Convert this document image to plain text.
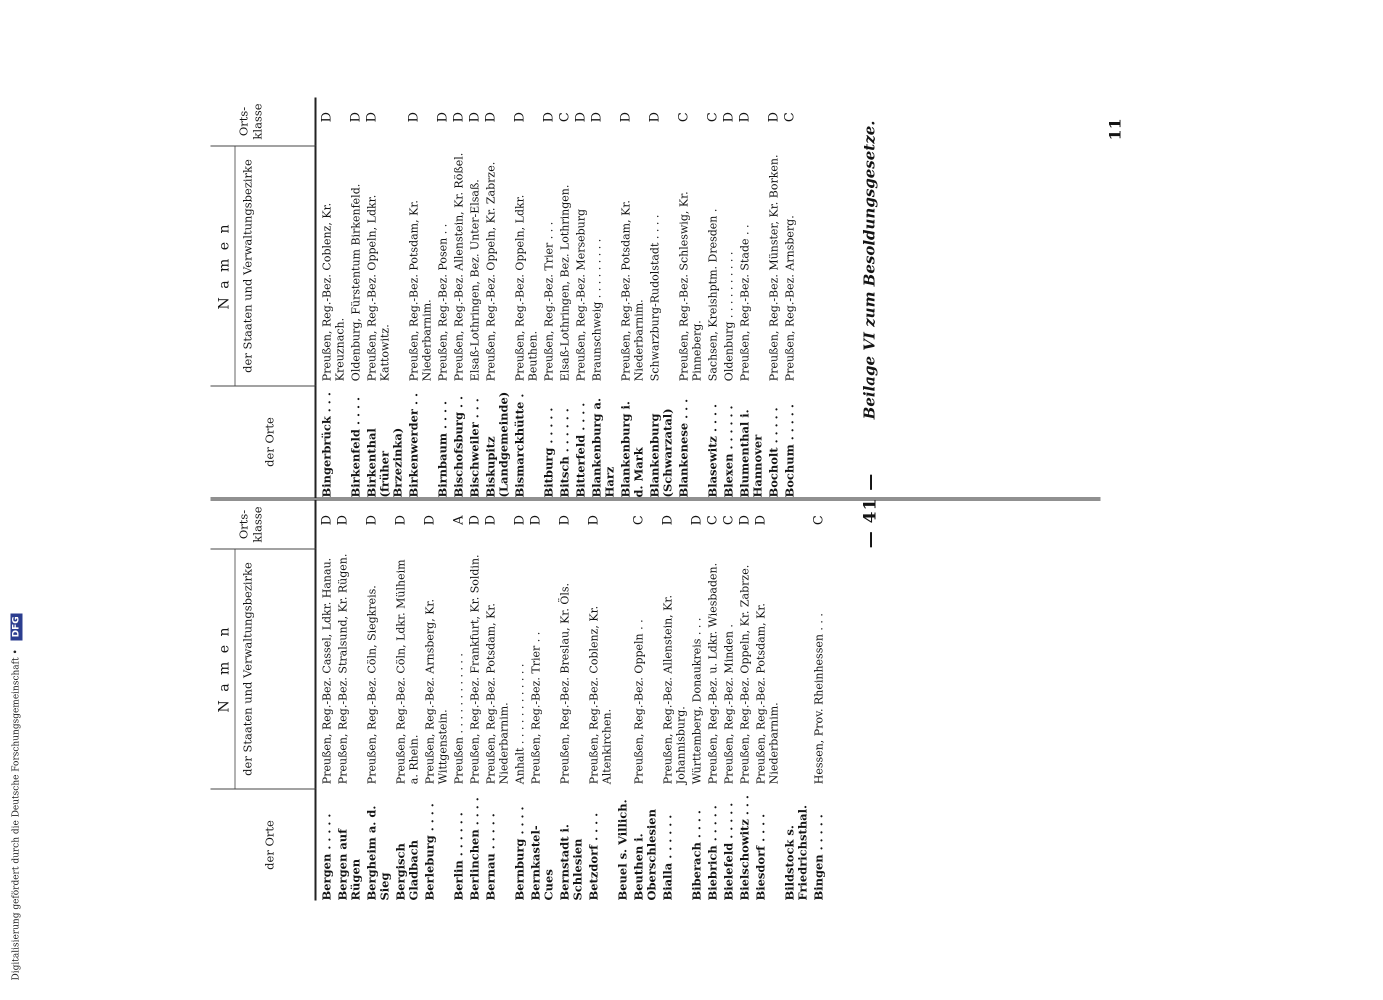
— 41 —
Beilage VI zum Besoldungsgesetze.
der Orte
N a m e n der Staaten und Verwaltungsbezirke
Orts-klasse
Bergen . . . . .
Preußen, Reg.-Bez. Cassel, Ldkr. Hanau.
D
Bergen auf Rügen
Preußen, Reg.-Bez. Stralsund, Kr. Rügen.
D
Bergheim a. d. Sieg
Preußen, Reg.-Bez. Cöln, Siegkreis.
D
Bergisch Gladbach
Preußen, Reg.-Bez. Cöln, Ldkr. Mülheim a. Rhein.
D
Berleburg . . . .
Preußen, Reg.-Bez. Arnsberg, Kr. Wittgenstein.
D
Berlin . . . . . .
Preußen . . . . . . . . . . . .
A
Berlinchen . . . .
Preußen, Reg.-Bez. Frankfurt, Kr. Soldin.
D
Bernau . . . . .
Preußen, Reg.-Bez. Potsdam, Kr. Niederbarnim.
D
Bernburg . . . .
Anhalt . . . . . . . . . . . .
D
Bernkastel-Cues
Preußen, Reg.-Bez. Trier . .
D
Bernstadt i. Schlesien
Preußen, Reg.-Bez. Breslau, Kr. Öls.
D
Betzdorf . . . .
Preußen, Reg.-Bez. Coblenz, Kr. Altenkirchen.
D
Beuel s. Villich. Beuthen i. Oberschlesien
Preußen, Reg.-Bez. Oppeln . .
C
Bialla . . . . . .
Preußen, Reg.-Bez. Allenstein, Kr. Johannisburg.
D
Biberach . . . .
Württemberg, Donaukreis . . .
D
Biebrich . . . . .
Preußen, Reg.-Bez. u. Ldkr. Wiesbaden.
C
Bielefeld . . . . .
Preußen, Reg.-Bez. Minden .
C
Bielschowitz . . .
Preußen, Reg.-Bez. Oppeln, Kr. Zabrze.
D
Biesdorf . . . .
Preußen, Reg.-Bez. Potsdam, Kr. Niederbarnim.
D
Bildstock s. Friedrichsthal. Bingen . . . . .
Hessen, Prov. Rheinhessen . . .
C
der Orte
N a m e n der Staaten und Verwaltungsbezirke
Orts-klasse
Bingerbrück . . .
Preußen, Reg.-Bez. Coblenz, Kr. Kreuznach.
D
Birkenfeld . . . .
Oldenburg, Fürstentum Birkenfeld.
D
Birkenthal (früher Brzezinka)
Preußen, Reg.-Bez. Oppeln, Ldkr. Kattowitz.
D
Birkenwerder . .
Preußen, Reg.-Bez. Potsdam, Kr. Niederbarnim.
D
Birnbaum . . . .
Preußen, Reg.-Bez. Posen . .
D
Bischofsburg . .
Preußen, Reg.-Bez. Allenstein, Kr. Rößel.
D
Bischweiler . . .
Elsaß-Lothringen, Bez. Unter-Elsaß.
D
Biskupitz (Landgemeinde)
Preußen, Reg.-Bez. Oppeln, Kr. Zabrze.
D
Bismarckhütte .
Preußen, Reg.-Bez. Oppeln, Ldkr. Beuthen.
D
Bitburg . . . . .
Preußen, Reg.-Bez. Trier . . .
D
Bitsch . . . . . .
Elsaß-Lothringen, Bez. Lothringen.
C
Bitterfeld . . . .
Preußen, Reg.-Bez. Merseburg
D
Blankenburg a. Harz
Braunschweig . . . . . . . . .
D
Blankenburg i. d. Mark
Preußen, Reg.-Bez. Potsdam, Kr. Niederbarnim.
D
Blankenburg (Schwarzatal)
Schwarzburg-Rudolstadt . . . .
D
Blankenese . . .
Preußen, Reg.-Bez. Schleswig, Kr. Pinneberg.
C
Blasewitz . . . .
Sachsen, Kreishptm. Dresden .
C
Blexen . . . . . .
Oldenburg . . . . . . . . . .
D
Blumenthal i. Hannover
Preußen, Reg.-Bez. Stade . .
D
Bocholt . . . . .
Preußen, Reg.-Bez. Münster, Kr. Borken.
D
Bochum . . . . .
Preußen, Reg.-Bez. Arnsberg.
C
11
Digitalisierung gefördert durch die Deutsche Forschungsgemeinschaft • DFG
